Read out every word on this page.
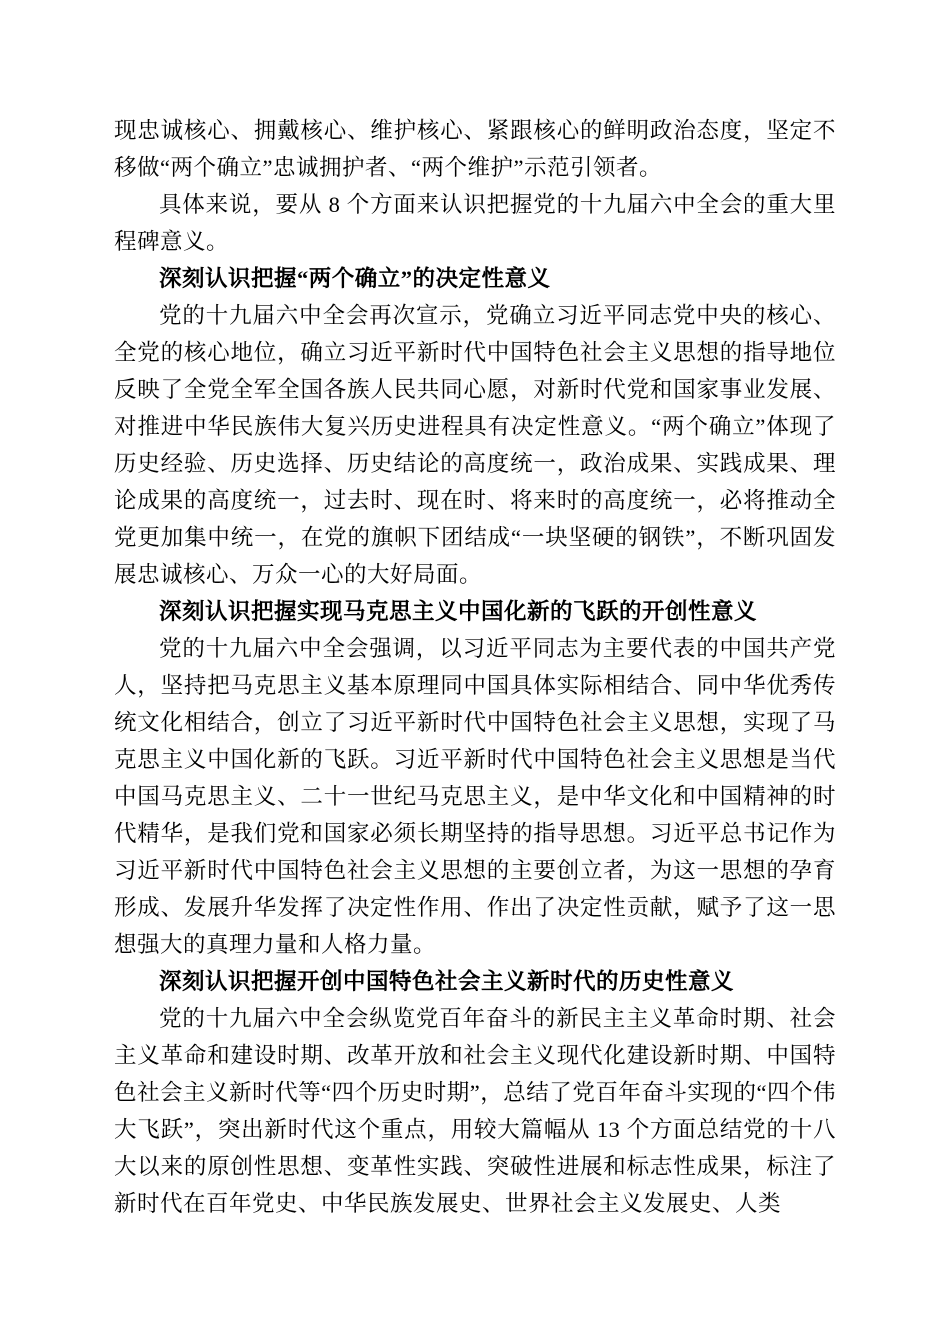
现忠诚核心、拥戴核心、维护核心、紧跟核心的鲜明政治态度，坚定不移做“两个确立”忠诚拥护者、“两个维护”示范引领者。

具体来说，要从 8 个方面来认识把握党的十九届六中全会的重大里程碑意义。

深刻认识把握“两个确立”的决定性意义

党的十九届六中全会再次宣示，党确立习近平同志党中央的核心、全党的核心地位，确立习近平新时代中国特色社会主义思想的指导地位反映了全党全军全国各族人民共同心愿，对新时代党和国家事业发展、对推进中华民族伟大复兴历史进程具有决定性意义。“两个确立”体现了历史经验、历史选择、历史结论的高度统一，政治成果、实践成果、理论成果的高度统一，过去时、现在时、将来时的高度统一，必将推动全党更加集中统一，在党的旗帜下团结成“一块坚硬的钢铁”，不断巩固发展忠诚核心、万众一心的大好局面。

深刻认识把握实现马克思主义中国化新的飞跃的开创性意义

党的十九届六中全会强调，以习近平同志为主要代表的中国共产党人，坚持把马克思主义基本原理同中国具体实际相结合、同中华优秀传统文化相结合，创立了习近平新时代中国特色社会主义思想，实现了马克思主义中国化新的飞跃。习近平新时代中国特色社会主义思想是当代中国马克思主义、二十一世纪马克思主义，是中华文化和中国精神的时代精华，是我们党和国家必须长期坚持的指导思想。习近平总书记作为习近平新时代中国特色社会主义思想的主要创立者，为这一思想的孕育形成、发展升华发挥了决定性作用、作出了决定性贡献，赋予了这一思想强大的真理力量和人格力量。

深刻认识把握开创中国特色社会主义新时代的历史性意义

党的十九届六中全会纵览党百年奋斗的新民主主义革命时期、社会主义革命和建设时期、改革开放和社会主义现代化建设新时期、中国特色社会主义新时代等“四个历史时期”，总结了党百年奋斗实现的“四个伟大飞跃”，突出新时代这个重点，用较大篇幅从 13 个方面总结党的十八大以来的原创性思想、变革性实践、突破性进展和标志性成果，标注了新时代在百年党史、中华民族发展史、世界社会主义发展史、人类
